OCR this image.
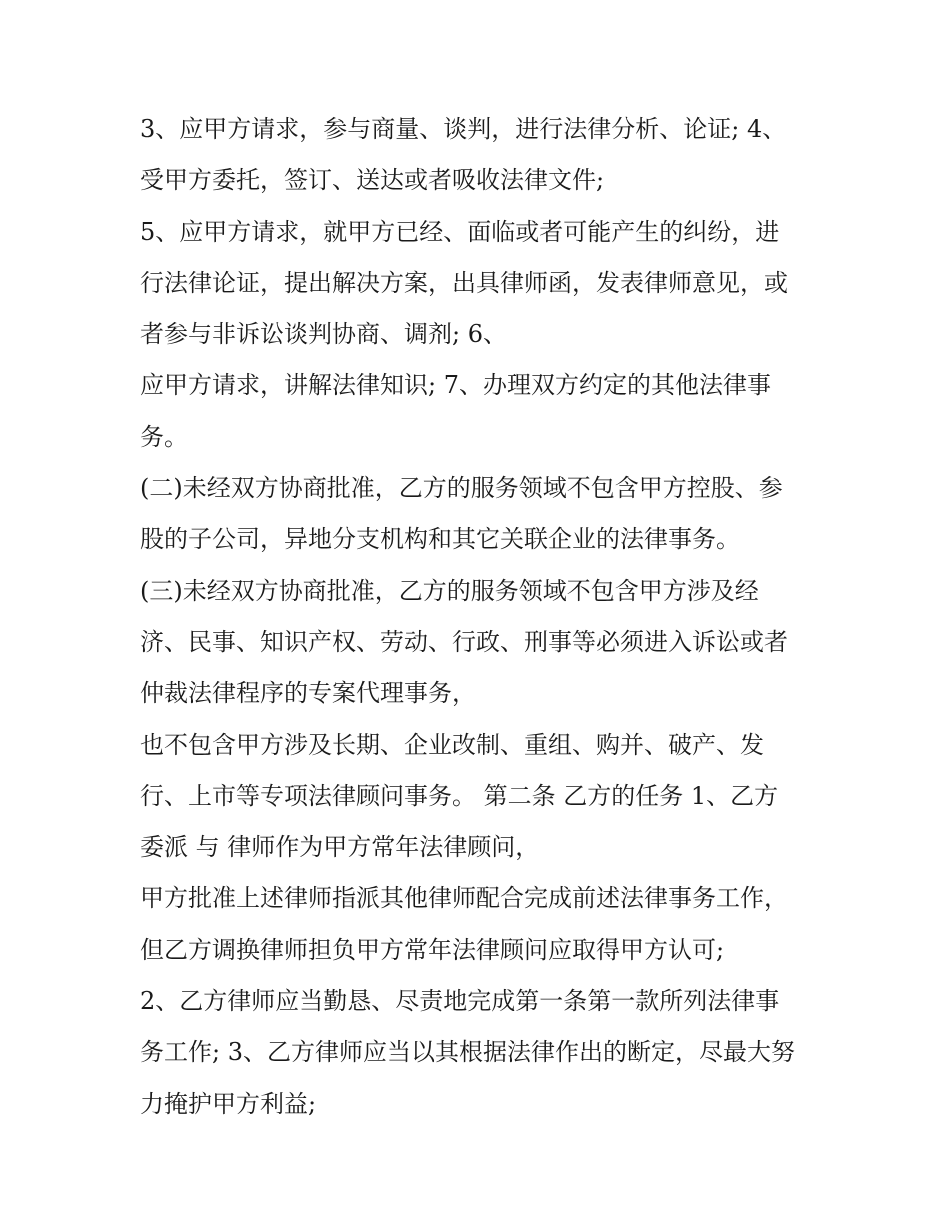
3、应甲方请求，参与商量、谈判，进行法律分析、论证; 4、

受甲方委托，签订、送达或者吸收法律文件;

5、应甲方请求，就甲方已经、面临或者可能产生的纠纷，进

行法律论证，提出解决方案，出具律师函，发表律师意见，或

者参与非诉讼谈判协商、调剂; 6、

应甲方请求，讲解法律知识; 7、办理双方约定的其他法律事

务。

(二)未经双方协商批准，乙方的服务领域不包含甲方控股、参

股的子公司，异地分支机构和其它关联企业的法律事务。

(三)未经双方协商批准，乙方的服务领域不包含甲方涉及经

济、民事、知识产权、劳动、行政、刑事等必须进入诉讼或者

仲裁法律程序的专案代理事务，

也不包含甲方涉及长期、企业改制、重组、购并、破产、发

行、上市等专项法律顾问事务。 第二条 乙方的任务 1、乙方

委派 与 律师作为甲方常年法律顾问，

甲方批准上述律师指派其他律师配合完成前述法律事务工作，

但乙方调换律师担负甲方常年法律顾问应取得甲方认可;

2、乙方律师应当勤恳、尽责地完成第一条第一款所列法律事

务工作; 3、乙方律师应当以其根据法律作出的断定，尽最大努

力掩护甲方利益;
